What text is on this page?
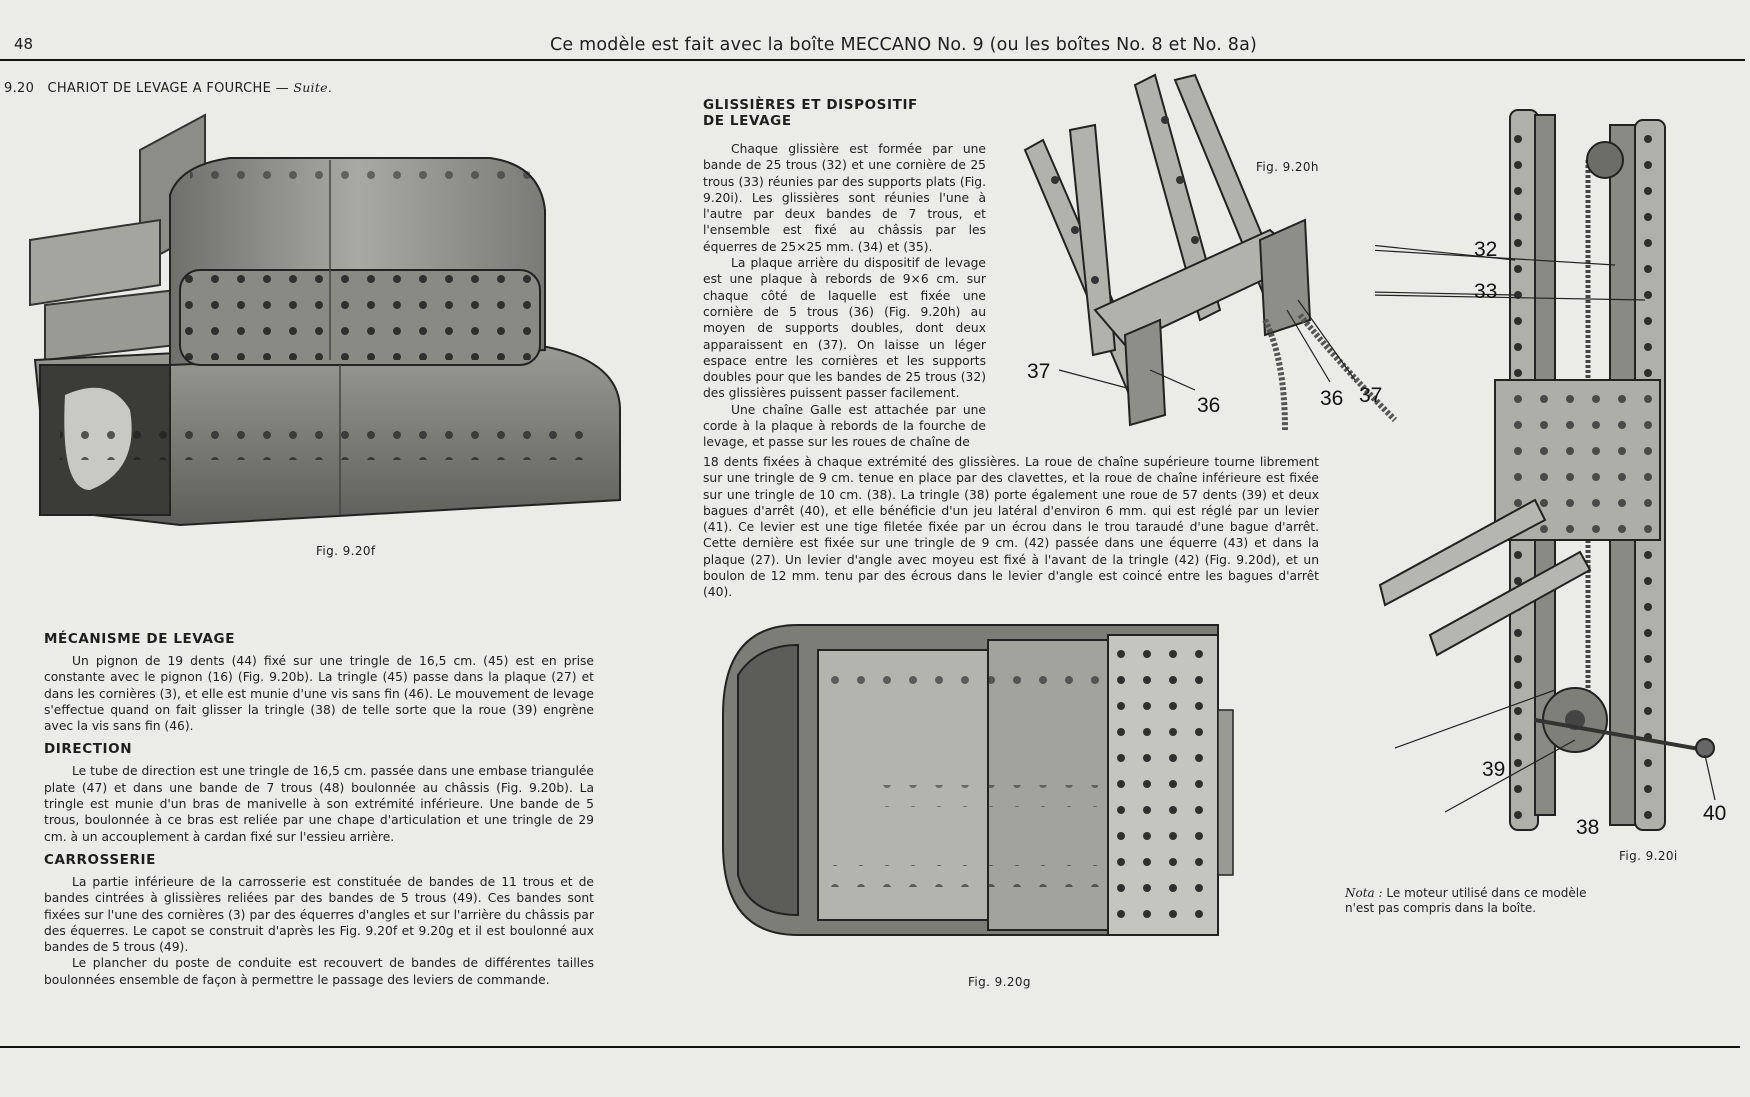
48	Ce modèle est fait avec la boîte MECCANO No. 9 (ou les boîtes No. 8 et No. 8a)
9.20 CHARIOT DE LEVAGE A FOURCHE — Suite.
Fig. 9.20f
MÉCANISME DE LEVAGE

Un pignon de 19 dents (44) fixé sur une tringle de 16,5 cm. (45) est en prise constante avec le pignon (16) (Fig. 9.20b). La tringle (45) passe dans la plaque (27) et dans les cornières (3), et elle est munie d'une vis sans fin (46). Le mouvement de levage s'effectue quand on fait glisser la tringle (38) de telle sorte que la roue (39) engrène avec la vis sans fin (46).

DIRECTION

Le tube de direction est une tringle de 16,5 cm. passée dans une embase triangulée plate (47) et dans une bande de 7 trous (48) boulonnée au châssis (Fig. 9.20b). La tringle est munie d'un bras de manivelle à son extrémité inférieure. Une bande de 5 trous, boulonnée à ce bras est reliée par une chape d'articulation et une tringle de 29 cm. à un accouplement à cardan fixé sur l'essieu arrière.

CARROSSERIE

La partie inférieure de la carrosserie est constituée de bandes de 11 trous et de bandes cintrées à glissières reliées par des bandes de 5 trous (49). Ces bandes sont fixées sur l'une des cornières (3) par des équerres d'angles et sur l'arrière du châssis par des équerres. Le capot se construit d'après les Fig. 9.20f et 9.20g et il est boulonné aux bandes de 5 trous (49).

Le plancher du poste de conduite est recouvert de bandes de différentes tailles boulonnées ensemble de façon à permettre le passage des leviers de commande.

GLISSIÈRES ET DISPOSITIF DE LEVAGE

Chaque glissière est formée par une bande de 25 trous (32) et une cornière de 25 trous (33) réunies par des supports plats (Fig. 9.20i). Les glissières sont réunies l'une à l'autre par deux bandes de 7 trous, et l'ensemble est fixé au châssis par les équerres de 25×25 mm. (34) et (35).

La plaque arrière du dispositif de levage est une plaque à rebords de 9×6 cm. sur chaque côté de laquelle est fixée une cornière de 5 trous (36) (Fig. 9.20h) au moyen de supports doubles, dont deux apparaissent en (37). On laisse un léger espace entre les cornières et les supports doubles pour que les bandes de 25 trous (32) des glissières puissent passer facilement.

Une chaîne Galle est attachée par une corde à la plaque à rebords de la fourche de levage, et passe sur les roues de chaîne de

18 dents fixées à chaque extrémité des glissières. La roue de chaîne supérieure tourne librement sur une tringle de 9 cm. tenue en place par des clavettes, et la roue de chaîne inférieure est fixée sur une tringle de 10 cm. (38). La tringle (38) porte également une roue de 57 dents (39) et deux bagues d'arrêt (40), et elle bénéficie d'un jeu latéral d'environ 6 mm. qui est réglé par un levier (41). Ce levier est une tige filetée fixée par un écrou dans le trou taraudé d'une bague d'arrêt. Cette dernière est fixée sur une tringle de 9 cm. (42) passée dans une équerre (43) et dans la plaque (27). Un levier d'angle avec moyeu est fixé à l'avant de la tringle (42) (Fig. 9.20d), et un boulon de 12 mm. tenu par des écrous dans le levier d'angle est coincé entre les bagues d'arrêt (40).

37
36	36 37
Fig. 9.20h
Fig. 9.20g
32
33
39
38
40
Fig. 9.20i
Nota : Le moteur utilisé dans ce modèle n'est pas compris dans la boîte.
